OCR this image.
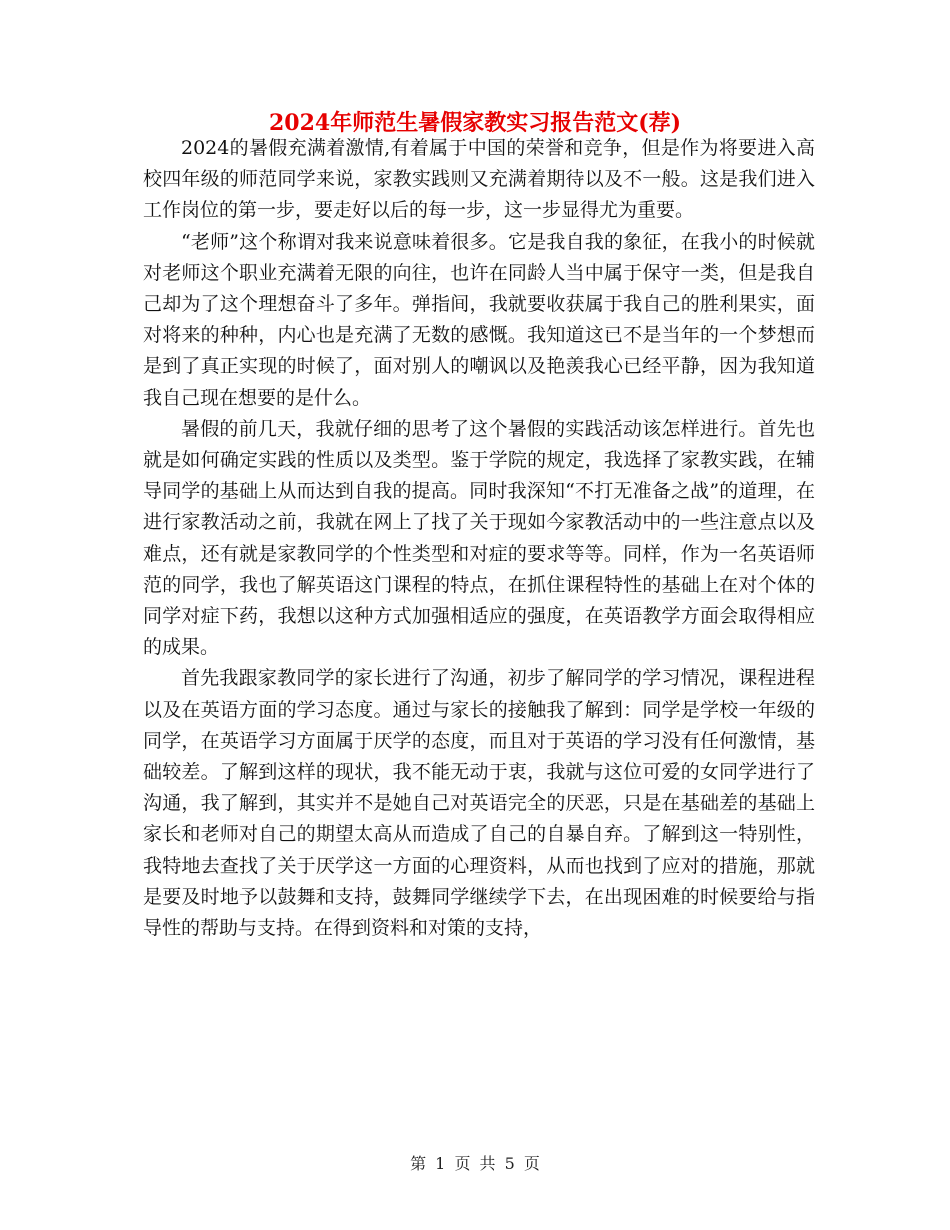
2024年师范生暑假家教实习报告范文(荐)

2024的暑假充满着激情,有着属于中国的荣誉和竞争，但是作为将要进入高校四年级的师范同学来说，家教实践则又充满着期待以及不一般。这是我们进入工作岗位的第一步，要走好以后的每一步，这一步显得尤为重要。

“老师”这个称谓对我来说意味着很多。它是我自我的象征，在我小的时候就对老师这个职业充满着无限的向往，也许在同龄人当中属于保守一类，但是我自己却为了这个理想奋斗了多年。弹指间，我就要收获属于我自己的胜利果实，面对将来的种种，内心也是充满了无数的感慨。我知道这已不是当年的一个梦想而是到了真正实现的时候了，面对别人的嘲讽以及艳羡我心已经平静，因为我知道我自己现在想要的是什么。

暑假的前几天，我就仔细的思考了这个暑假的实践活动该怎样进行。首先也就是如何确定实践的性质以及类型。鉴于学院的规定，我选择了家教实践，在辅导同学的基础上从而达到自我的提高。同时我深知“不打无准备之战”的道理，在进行家教活动之前，我就在网上了找了关于现如今家教活动中的一些注意点以及难点，还有就是家教同学的个性类型和对症的要求等等。同样，作为一名英语师范的同学，我也了解英语这门课程的特点，在抓住课程特性的基础上在对个体的同学对症下药，我想以这种方式加强相适应的强度，在英语教学方面会取得相应的成果。

首先我跟家教同学的家长进行了沟通，初步了解同学的学习情况，课程进程以及在英语方面的学习态度。通过与家长的接触我了解到：同学是学校一年级的同学，在英语学习方面属于厌学的态度，而且对于英语的学习没有任何激情，基础较差。了解到这样的现状，我不能无动于衷，我就与这位可爱的女同学进行了沟通，我了解到，其实并不是她自己对英语完全的厌恶，只是在基础差的基础上家长和老师对自己的期望太高从而造成了自己的自暴自弃。了解到这一特别性，我特地去查找了关于厌学这一方面的心理资料，从而也找到了应对的措施，那就是要及时地予以鼓舞和支持，鼓舞同学继续学下去，在出现困难的时候要给与指导性的帮助与支持。在得到资料和对策的支持，

第 1 页 共 5 页
